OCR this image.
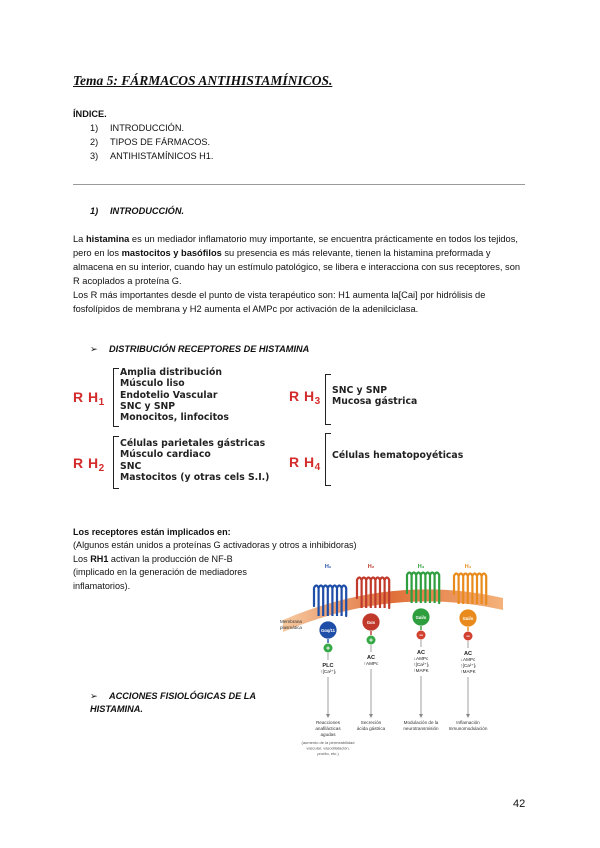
Tema 5: FÁRMACOS ANTIHISTAMÍNICOS.
ÍNDICE.
1) INTRODUCCIÓN.
2) TIPOS DE FÁRMACOS.
3) ANTIHISTAMÍNICOS H1.
1) INTRODUCCIÓN.
La histamina es un mediador inflamatorio muy importante, se encuentra prácticamente en todos los tejidos, pero en los mastocitos y basófilos su presencia es más relevante, tienen la histamina preformada y almacena en su interior, cuando hay un estímulo patológico, se libera e interacciona con sus receptores, son R acoplados a proteína G.
Los R más importantes desde el punto de vista terapéutico son: H1 aumenta la[Cai] por hidrólisis de fosfolípidos de membrana y H2 aumenta el AMPc por activación de la adenilciclasa.
➢ DISTRIBUCIÓN RECEPTORES DE HISTAMINA
R $H_1$
Amplia distribución
Músculo liso
Endotelio Vascular
SNC y SNP
Monocitos, linfocitos
R $H_2$
Células parietales gástricas
Músculo cardiaco
SNC
Mastocitos (y otras cels S.I.)
R $H_3$
SNC y SNP
Mucosa gástrica
R $H_4$
Células hematopoyéticas
Los receptores están implicados en:
(Algunos están unidos a proteínas G activadoras y otros a inhibidoras)
Los RH1 activan la producción de NF-B
(implicado en la generación de mediadores inflamatorios).
➢ ACCIONES FISIOLÓGICAS DE LA HISTAMINA.
H₁
Gαq/11
+
PLC
↑[Ca²⁺]ᵢ
Reacciones
anafilácticas
agudas
H₂
Gαs
+
AC
↑AMPc
Secreción
ácida gástrica
H₃
Gαi/o
−
AC
↓AMPc
↑[Ca²⁺]ᵢ
↑MAPK
Modulación de la
neurotransmisión
H₄
Gαi/o
−
AC
↓AMPc
↑[Ca²⁺]ᵢ
↑MAPK
Inflamación
Inmunomodulación
(aumento de la permeabilidad
vascular, vasodilatación,
prurito, etc.)
Membrana
plasmática
42
